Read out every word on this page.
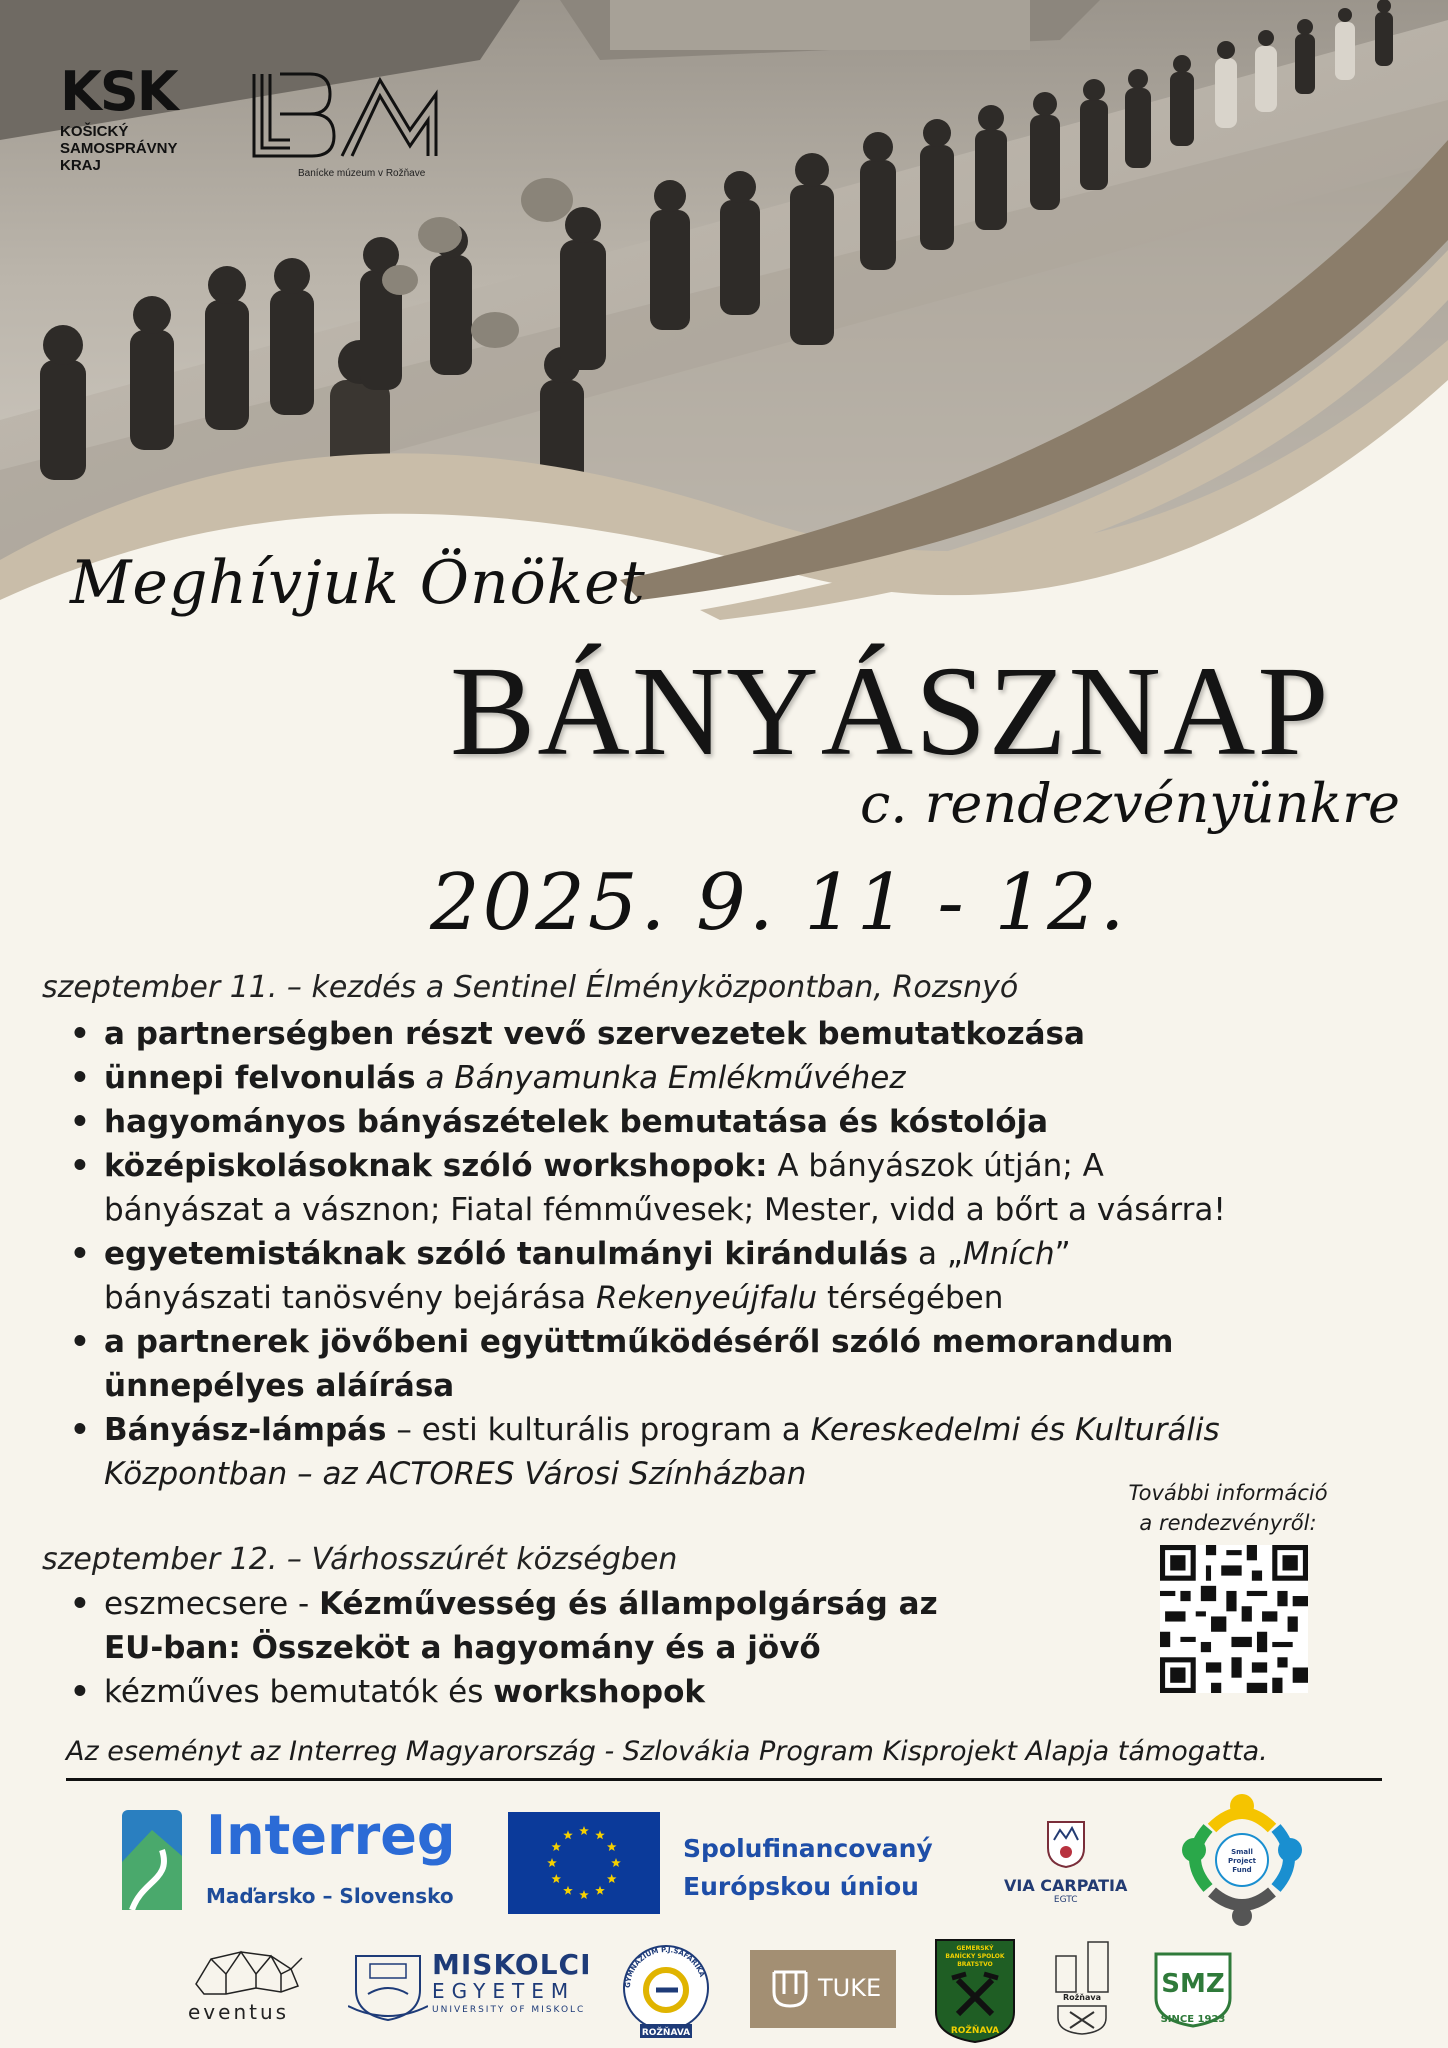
KSK
KOŠICKÝ
SAMOSPRÁVNY
KRAJ	Banícke múzeum v Rožňave
Meghívjuk Önöket
BÁNYÁSZNAP
c. rendezvényünkre
2025. 9. 11 - 12.
szeptember 11. – kezdés a Sentinel Élményközpontban, Rozsnyó
• a partnerségben részt vevő szervezetek bemutatkozása
• ünnepi felvonulás a Bányamunka Emlékművéhez
• hagyományos bányászételek bemutatása és kóstolója
• középiskolásoknak szóló workshopok: A bányászok útján; A bányászat a vásznon; Fiatal fémművesek; Mester, vidd a bőrt a vásárra!
• egyetemistáknak szóló tanulmányi kirándulás a „Mních” bányászati tanösvény bejárása Rekenyeújfalu térségében
• a partnerek jövőbeni együttműködéséről szóló memorandum ünnepélyes aláírása
• Bányász-lámpás – esti kulturális program a Kereskedelmi és Kulturális Központban – az ACTORES Városi Színházban
További információ
a rendezvényről:
szeptember 12. – Várhosszúrét községben
• eszmecsere - Kézművesség és állampolgárság az EU-ban: Összeköt a hagyomány és a jövő
• kézműves bemutatók és workshopok
Az eseményt az Interreg Magyarország - Szlovákia Program Kisprojekt Alapja támogatta.
Interreg
Maďarsko – Slovensko
Spolufinancovaný
Európskou úniou	VIA CARPATIA
EGTC
Small
Project
Fund
eventus
MISKOLCI
EGYETEM
UNIVERSITY OF MISKOLC
GYMNÁZIUM P.J.ŠAFÁRIKA
ROŽŇAVA
TUKE
GEMERSKÝ
BANÍCKY SPOLOK
BRATSTVO
ROŽŇAVA
Rožňava SMZ
SINCE 1923
